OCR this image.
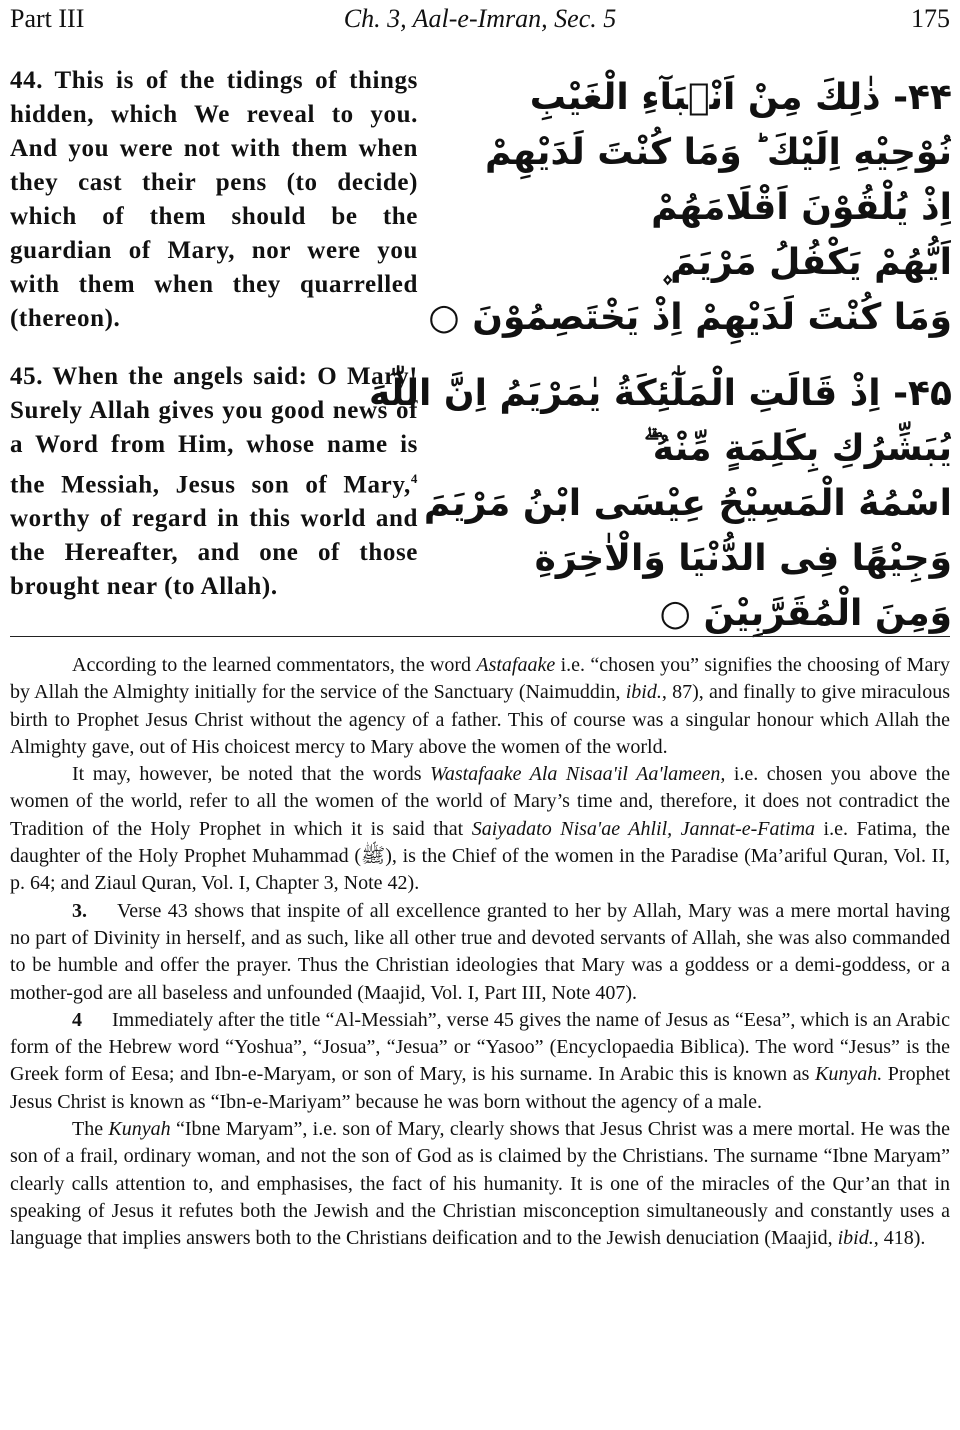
Part III	Ch. 3, Aal-e-Imran, Sec. 5	175
44. This is of the tidings of things hidden, which We reveal to you. And you were not with them when they cast their pens (to decide) which of them should be the guardian of Mary, nor were you with them when they quarrelled (thereon).
۴۴- ذٰلِكَ مِنْ اَنْۢبَآءِ الْغَيْبِ
نُوْحِيْهِ اِلَيْكَ ؕ وَمَا كُنْتَ لَدَيْهِمْ
اِذْ يُلْقُوْنَ اَقْلَامَهُمْ
اَيُّهُمْ يَكْفُلُ مَرْيَمَ ۪
وَمَا كُنْتَ لَدَيْهِمْ اِذْ يَخْتَصِمُوْنَ ○
45. When the angels said: O Mary! Surely Allah gives you good news of a Word from Him, whose name is the Messiah, Jesus son of Mary,$^4$ worthy of regard in this world and the Hereafter, and one of those brought near (to Allah).
۴۵- اِذْ قَالَتِ الْمَلٰٓئِكَةُ يٰمَرْيَمُ اِنَّ اللّٰهَ
يُبَشِّرُكِ بِكَلِمَةٍ مِّنْهُ ۖۗ
اسْمُهُ الْمَسِيْحُ عِيْسَى ابْنُ مَرْيَمَ
وَجِيْهًا فِى الدُّنْيَا وَالْاٰخِرَةِ
وَمِنَ الْمُقَرَّبِيْنَ ○

According to the learned commentators, the word Astafaake i.e. “chosen you” signifies the choosing of Mary by Allah the Almighty initially for the service of the Sanctuary (Naimuddin, ibid., 87), and finally to give miraculous birth to Prophet Jesus Christ without the agency of a father. This of course was a singular honour which Allah the Almighty gave, out of His choicest mercy to Mary above the women of the world.

It may, however, be noted that the words Wastafaake Ala Nisaa'il Aa'lameen, i.e. chosen you above the women of the world, refer to all the women of the world of Mary’s time and, therefore, it does not contradict the Tradition of the Holy Prophet in which it is said that Saiyadato Nisa'ae Ahlil, Jannat-e-Fatima i.e. Fatima, the daughter of the Holy Prophet Muhammad (ﷺ), is the Chief of the women in the Paradise (Ma’ariful Quran, Vol. II, p. 64; and Ziaul Quran, Vol. I, Chapter 3, Note 42).

3. Verse 43 shows that inspite of all excellence granted to her by Allah, Mary was a mere mortal having no part of Divinity in herself, and as such, like all other true and devoted servants of Allah, she was also commanded to be humble and offer the prayer. Thus the Christian ideologies that Mary was a goddess or a demi-goddess, or a mother-god are all baseless and unfounded (Maajid, Vol. I, Part III, Note 407).

4 Immediately after the title “Al-Messiah”, verse 45 gives the name of Jesus as “Eesa”, which is an Arabic form of the Hebrew word “Yoshua”, “Josua”, “Jesua” or “Yasoo” (Encyclopaedia Biblica). The word “Jesus” is the Greek form of Eesa; and Ibn-e-Maryam, or son of Mary, is his surname. In Arabic this is known as Kunyah. Prophet Jesus Christ is known as “Ibn-e-Mariyam” because he was born without the agency of a male.

The Kunyah “Ibne Maryam”, i.e. son of Mary, clearly shows that Jesus Christ was a mere mortal. He was the son of a frail, ordinary woman, and not the son of God as is claimed by the Christians. The surname “Ibne Maryam” clearly calls attention to, and emphasises, the fact of his humanity. It is one of the miracles of the Qur’an that in speaking of Jesus it refutes both the Jewish and the Christian misconception simultaneously and constantly uses a language that implies answers both to the Christians deification and to the Jewish denuciation (Maajid, ibid., 418).
